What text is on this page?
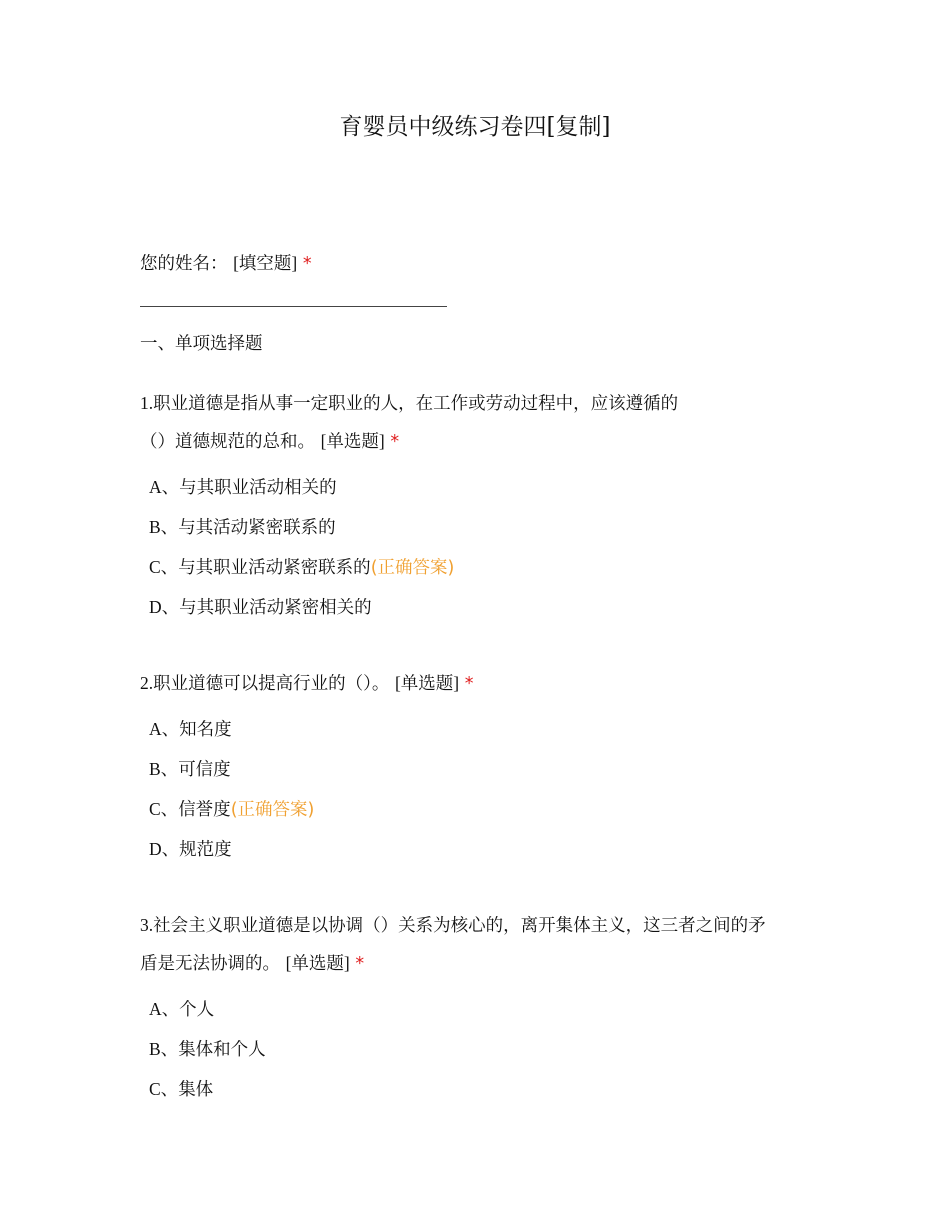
育婴员中级练习卷四[复制]
您的姓名： [填空题] *
一、单项选择题
1.职业道德是指从事一定职业的人，在工作或劳动过程中，应该遵循的
（）道德规范的总和。 [单选题] *
A、与其职业活动相关的
B、与其活动紧密联系的
C、与其职业活动紧密联系的(正确答案)
D、与其职业活动紧密相关的
2.职业道德可以提高行业的（）。 [单选题] *
A、知名度
B、可信度
C、信誉度(正确答案)
D、规范度
3.社会主义职业道德是以协调（）关系为核心的，离开集体主义，这三者之间的矛
盾是无法协调的。 [单选题] *
A、个人
B、集体和个人
C、集体
